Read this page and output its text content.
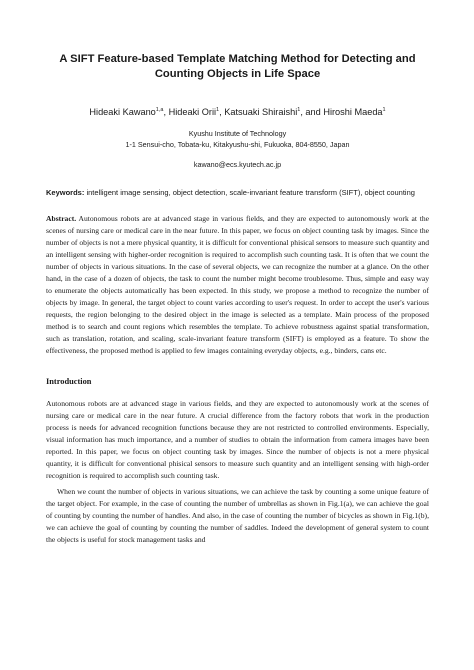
A SIFT Feature-based Template Matching Method for Detecting and
Counting Objects in Life Space
Hideaki Kawano$^{1,a}$, Hideaki Orii$^1$, Katsuaki Shiraishi$^1$, and Hiroshi Maeda$^1$
Kyushu Institute of Technology
1-1 Sensui-cho, Tobata-ku, Kitakyushu-shi, Fukuoka, 804-8550, Japan
kawano@ecs.kyutech.ac.jp
Keywords: intelligent image sensing, object detection, scale-invariant feature transform (SIFT), object counting
Abstract. Autonomous robots are at advanced stage in various fields, and they are expected to autonomously work at the scenes of nursing care or medical care in the near future. In this paper, we focus on object counting task by images. Since the number of objects is not a mere physical quantity, it is difficult for conventional phisical sensors to measure such quantity and an intelligent sensing with higher-order recognition is required to accomplish such counting task. It is often that we count the number of objects in various situations. In the case of several objects, we can recognize the number at a glance. On the other hand, in the case of a dozen of objects, the task to count the number might become troublesome. Thus, simple and easy way to enumerate the objects automatically has been expected. In this study, we propose a method to recognize the number of objects by image. In general, the target object to count varies according to user's request. In order to accept the user's various requests, the region belonging to the desired object in the image is selected as a template. Main process of the proposed method is to search and count regions which resembles the template. To achieve robustness against spatial transformation, such as translation, rotation, and scaling, scale-invariant feature transform (SIFT) is employed as a feature. To show the effectiveness, the proposed method is applied to few images containing everyday objects, e.g., binders, cans etc.
Introduction

Autonomous robots are at advanced stage in various fields, and they are expected to autonomously work at the scenes of nursing care or medical care in the near future. A crucial difference from the factory robots that work in the production process is needs for advanced recognition functions because they are not restricted to controlled environments. Especially, visual information has much importance, and a number of studies to obtain the information from camera images have been reported. In this paper, we focus on object counting task by images. Since the number of objects is not a mere physical quantity, it is difficult for conventional phisical sensors to measure such quantity and an intelligent sensing with high-order recognition is required to accomplish such counting task.

When we count the number of objects in various situations, we can achieve the task by counting a some unique feature of the target object. For example, in the case of counting the number of umbrellas as shown in Fig.1(a), we can achieve the goal of counting by counting the number of handles. And also, in the case of counting the number of bicycles as shown in Fig.1(b), we can achieve the goal of counting by counting the number of saddles. Indeed the development of general system to count the objects is useful for stock management tasks and
